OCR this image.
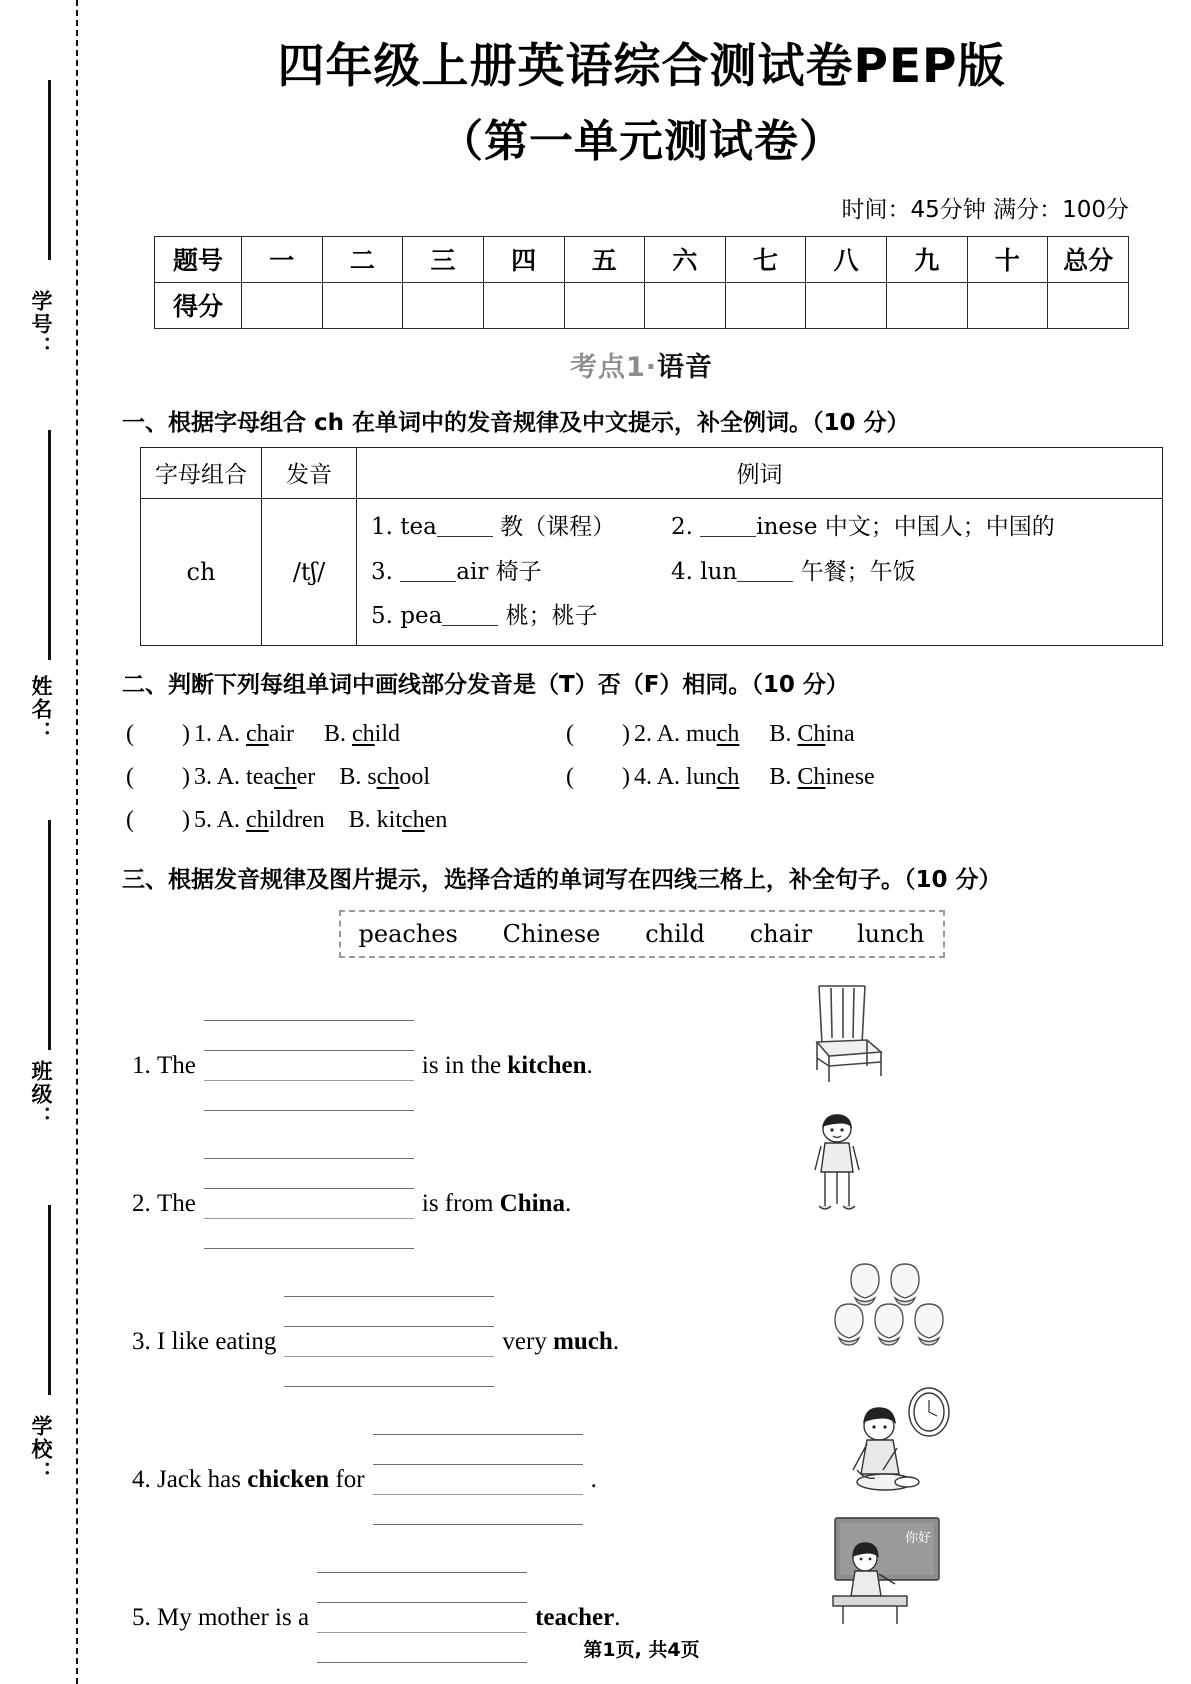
学号：
姓名：
班级：
学校：
四年级上册英语综合测试卷PEP版
（第一单元测试卷）
时间：45分钟 满分：100分
题号	一	二	三	四	五	六	七	八	九	十	总分
得分											
考点1·语音
一、根据字母组合 ch 在单词中的发音规律及中文提示，补全例词。（10 分）
字母组合	发音	例词
ch	/tʃ/	1. tea 教（课程） 2. inese 中文；中国人；中国的
3. air 椅子 4. lun 午餐；午饭
5. pea 桃；桃子
二、判断下列每组单词中画线部分发音是（T）否（F）相同。（10 分）
(　　) 1. A. chair B. child	(　　) 2. A. much B. China
(　　) 3. A. teacher B. school	(　　) 4. A. lunch B. Chinese
(　　) 5. A. children B. kitchen
三、根据发音规律及图片提示，选择合适的单词写在四线三格上，补全句子。（10 分）
peaches Chinese child chair lunch
1.
The	is in the
kitchen .
2.
The	is from
China .
3.
I like eating	very
much .
4.
Jack has
chicken
for	.
5.
My mother is a	teacher .
你好
第1页, 共4页
